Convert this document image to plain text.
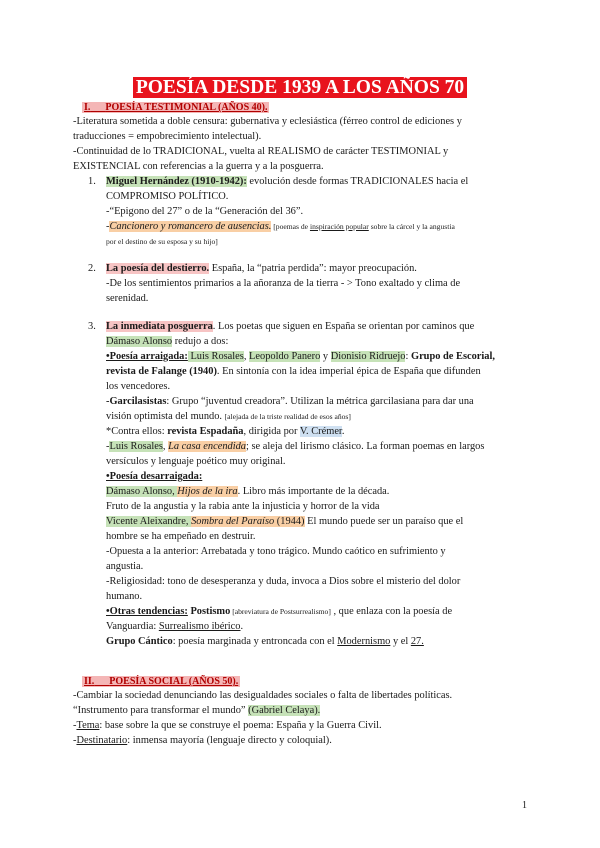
POESÍA DESDE 1939 A LOS AÑOS 70
I. POESÍA TESTIMONIAL (AÑOS 40).
-Literatura sometida a doble censura: gubernativa y eclesiástica (férreo control de ediciones y
traducciones = empobrecimiento intelectual).
-Continuidad de lo TRADICIONAL, vuelta al REALISMO de carácter TESTIMONIAL y
EXISTENCIAL con referencias a la guerra y a la posguerra.
1. Miguel Hernández (1910-1942): evolución desde formas TRADICIONALES hacia el
COMPROMISO POLÍTICO.
-“Epigono del 27” o de la “Generación del 36”.
-Cancionero y romancero de ausencias. [poemas de inspiración popular sobre la cárcel y la angustia
por el destino de su esposa y su hijo]
2. La poesía del destierro. España, la “patria perdida”: mayor preocupación.
-De los sentimientos primarios a la añoranza de la tierra - > Tono exaltado y clima de
serenidad.
3. La inmediata posguerra. Los poetas que siguen en España se orientan por caminos que
Dámaso Alonso redujo a dos:
•Poesía arraigada: Luis Rosales, Leopoldo Panero y Dionisio Ridruejo: Grupo de Escorial,
revista de Falange (1940). En sintonía con la idea imperial épica de España que difunden
los vencedores.
-Garcilasistas: Grupo “juventud creadora”. Utilizan la métrica garcilasiana para dar una
visión optimista del mundo. [alejada de la triste realidad de esos años]
*Contra ellos: revista Espadaña, dirigida por V. Crémer.
-Luis Rosales, La casa encendida; se aleja del lirismo clásico. La forman poemas en largos
versículos y lenguaje poético muy original.
•Poesía desarraigada:
Dámaso Alonso, Hijos de la ira. Libro más importante de la década.
Fruto de la angustia y la rabia ante la injusticia y horror de la vida
Vicente Aleixandre, Sombra del Paraíso (1944) El mundo puede ser un paraíso que el
hombre se ha empeñado en destruir.
-Opuesta a la anterior: Arrebatada y tono trágico. Mundo caótico en sufrimiento y
angustia.
-Religiosidad: tono de desesperanza y duda, invoca a Dios sobre el misterio del dolor
humano.
•Otras tendencias: Postismo [abreviatura de Postsurrealismo] , que enlaza con la poesía de
Vanguardia: Surrealismo ibérico.
Grupo Cántico: poesía marginada y entroncada con el Modernismo y el 27.
II. POESÍA SOCIAL (AÑOS 50).
-Cambiar la sociedad denunciando las desigualdades sociales o falta de libertades políticas.
“Instrumento para transformar el mundo” (Gabriel Celaya).
-Tema: base sobre la que se construye el poema: España y la Guerra Civil.
-Destinatario: inmensa mayoría (lenguaje directo y coloquial).
1
